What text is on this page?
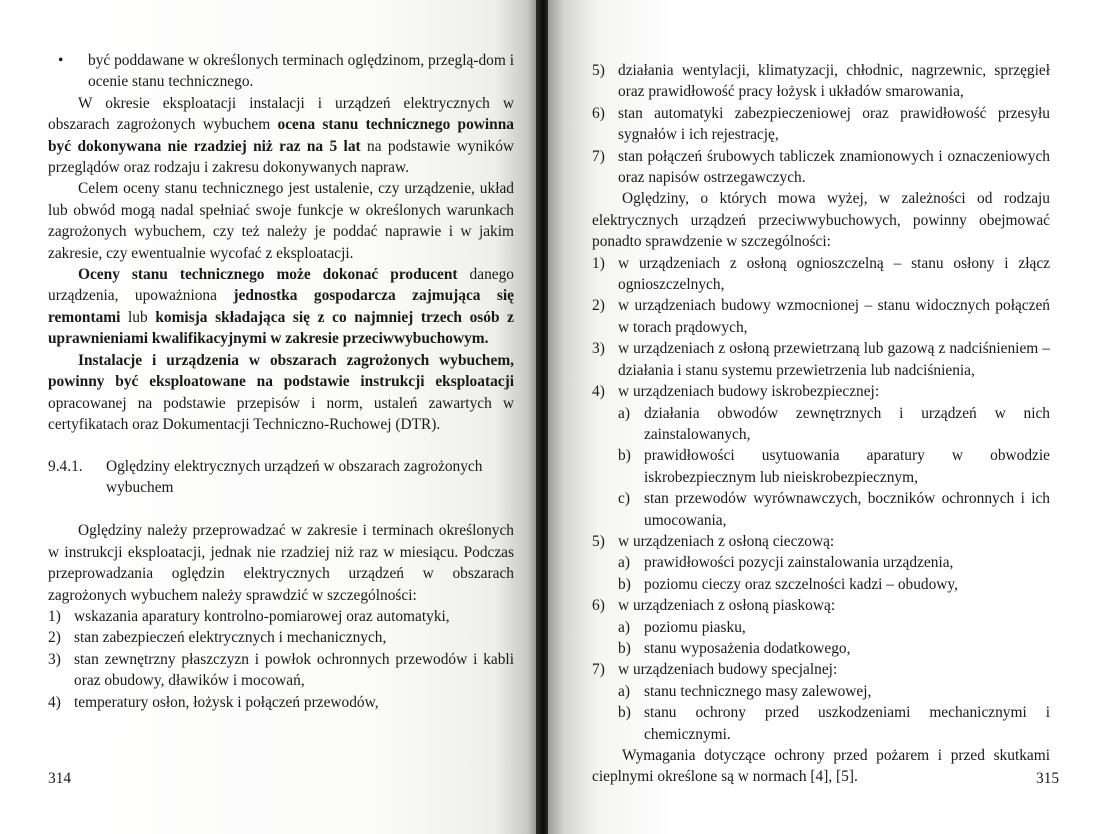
• być poddawane w określonych terminach oględzinom, przeglą-dom i ocenie stanu technicznego.

W okresie eksploatacji instalacji i urządzeń elektrycznych w obszarach zagrożonych wybuchem ocena stanu technicznego powinna być dokonywana nie rzadziej niż raz na 5 lat na podstawie wyników przeglądów oraz rodzaju i zakresu dokonywanych napraw.

Celem oceny stanu technicznego jest ustalenie, czy urządzenie, układ lub obwód mogą nadal spełniać swoje funkcje w określonych warunkach zagrożonych wybuchem, czy też należy je poddać naprawie i w jakim zakresie, czy ewentualnie wycofać z eksploatacji.

Oceny stanu technicznego może dokonać producent danego urządzenia, upoważniona jednostka gospodarcza zajmująca się remontami lub komisja składająca się z co najmniej trzech osób z uprawnieniami kwalifikacyjnymi w zakresie przeciwwybuchowym.

Instalacje i urządzenia w obszarach zagrożonych wybuchem, powinny być eksploatowane na podstawie instrukcji eksploatacji opracowanej na podstawie przepisów i norm, ustaleń zawartych w certyfikatach oraz Dokumentacji Techniczno-Ruchowej (DTR).

9.4.1. Oględziny elektrycznych urządzeń w obszarach zagrożonych wybuchem

Oględziny należy przeprowadzać w zakresie i terminach określonych w instrukcji eksploatacji, jednak nie rzadziej niż raz w miesiącu. Podczas przeprowadzania oględzin elektrycznych urządzeń w obszarach zagrożonych wybuchem należy sprawdzić w szczególności:

1) wskazania aparatury kontrolno-pomiarowej oraz automatyki,
2) stan zabezpieczeń elektrycznych i mechanicznych,
3) stan zewnętrzny płaszczyzn i powłok ochronnych przewodów i kabli oraz obudowy, dławików i mocowań,
4) temperatury osłon, łożysk i połączeń przewodów,
314
5) działania wentylacji, klimatyzacji, chłodnic, nagrzewnic, sprzęgieł oraz prawidłowość pracy łożysk i układów smarowania,
6) stan automatyki zabezpieczeniowej oraz prawidłowość przesyłu sygnałów i ich rejestrację,
7) stan połączeń śrubowych tabliczek znamionowych i oznaczeniowych oraz napisów ostrzegawczych.

Oględziny, o których mowa wyżej, w zależności od rodzaju elektrycznych urządzeń przeciwwybuchowych, powinny obejmować ponadto sprawdzenie w szczególności:

1) w urządzeniach z osłoną ognioszczelną – stanu osłony i złącz ognioszczelnych,
2) w urządzeniach budowy wzmocnionej – stanu widocznych połączeń w torach prądowych,
3) w urządzeniach z osłoną przewietrzaną lub gazową z nadciśnieniem – działania i stanu systemu przewietrzenia lub nadciśnienia,
4) w urządzeniach budowy iskrobezpiecznej:
a) działania obwodów zewnętrznych i urządzeń w nich zainstalowanych,
b) prawidłowości usytuowania aparatury w obwodzie iskrobezpiecznym lub nieiskrobezpiecznym,
c) stan przewodów wyrównawczych, boczników ochronnych i ich umocowania,
5) w urządzeniach z osłoną cieczową:
a) prawidłowości pozycji zainstalowania urządzenia,
b) poziomu cieczy oraz szczelności kadzi – obudowy,
6) w urządzeniach z osłoną piaskową:
a) poziomu piasku,
b) stanu wyposażenia dodatkowego,
7) w urządzeniach budowy specjalnej:
a) stanu technicznego masy zalewowej,
b) stanu ochrony przed uszkodzeniami mechanicznymi i chemicznymi.

Wymagania dotyczące ochrony przed pożarem i przed skutkami cieplnymi określone są w normach [4], [5].	315
